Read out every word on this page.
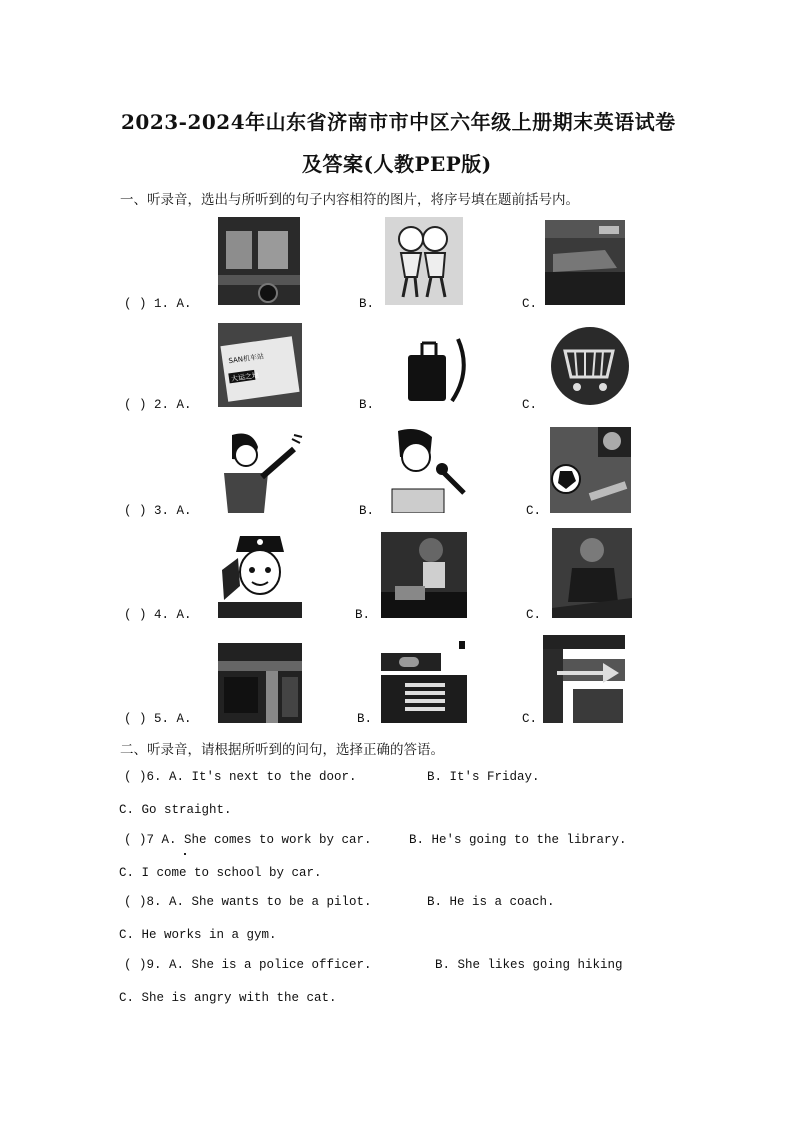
2023-2024年山东省济南市市中区六年级上册期末英语试卷
及答案(人教PEP版)
一、听录音，选出与所听到的句子内容相符的图片，将序号填在题前括号内。
( ) 1. A.	B.	C.
( ) 2. A.	B.	C.
SAN机车站
大运之地
( ) 3. A.	B.	C.
( ) 4. A.	B.	C.
( ) 5. A.	B.	C.
二、听录音，请根据所听到的问句，选择正确的答语。
( )6. A. It's next to the door.	B. It's Friday.
C. Go straight.
( )7 A. She comes to work by car.	B. He's going to the library.
C. I come to school by car.
( )8. A. She wants to be a pilot.	B. He is a coach.
C. He works in a gym.
( )9. A. She is a police officer.	B. She likes going hiking
C. She is angry with the cat.
